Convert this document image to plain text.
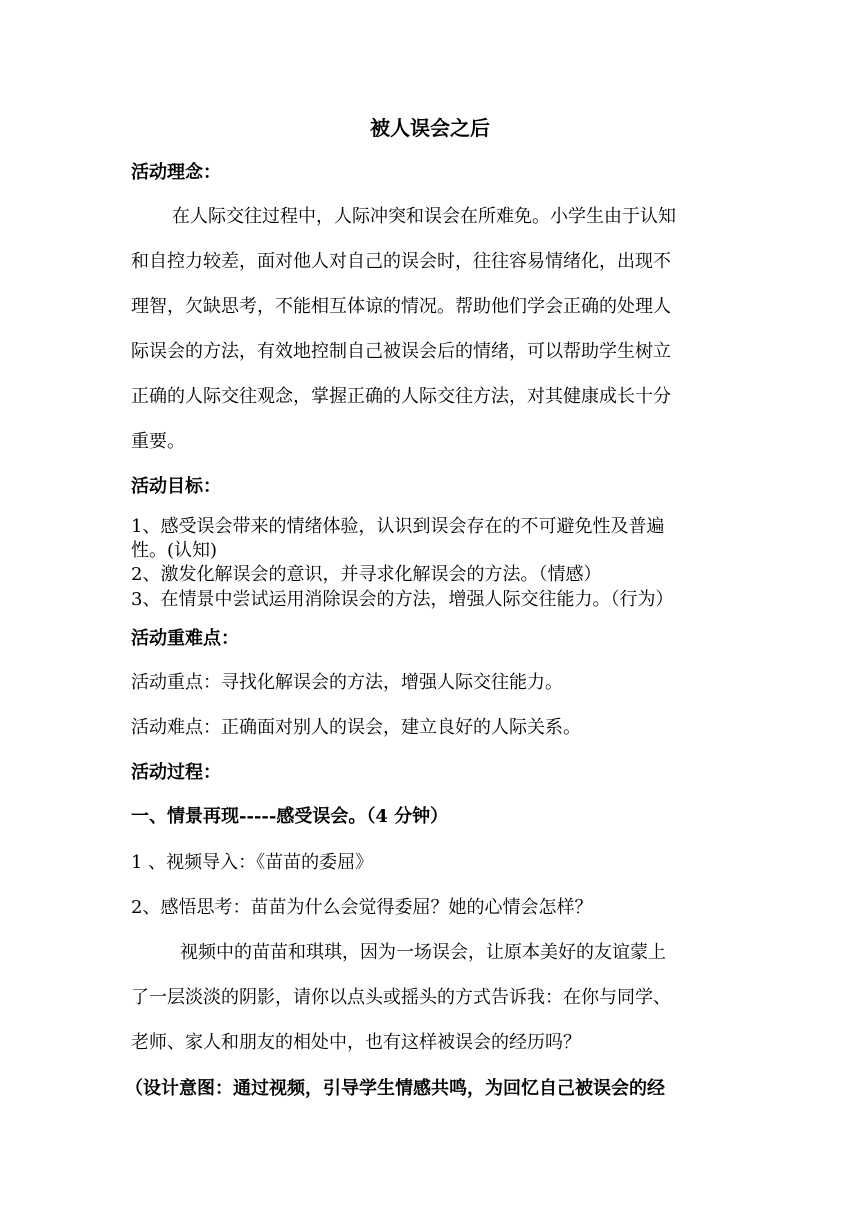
被人误会之后
活动理念：
在人际交往过程中，人际冲突和误会在所难免。小学生由于认知
和自控力较差，面对他人对自己的误会时，往往容易情绪化，出现不
理智，欠缺思考，不能相互体谅的情况。帮助他们学会正确的处理人
际误会的方法，有效地控制自己被误会后的情绪，可以帮助学生树立
正确的人际交往观念，掌握正确的人际交往方法，对其健康成长十分
重要。
活动目标：
1、感受误会带来的情绪体验，认识到误会存在的不可避免性及普遍
性。(认知)
2、激发化解误会的意识，并寻求化解误会的方法。（情感）
3、在情景中尝试运用消除误会的方法，增强人际交往能力。（行为）
活动重难点：
活动重点：寻找化解误会的方法，增强人际交往能力。
活动难点：正确面对别人的误会，建立良好的人际关系。
活动过程：
一、情景再现-----感受误会。（4 分钟）
1 、视频导入：《苗苗的委屈》
2、感悟思考：苗苗为什么会觉得委屈？她的心情会怎样？
视频中的苗苗和琪琪，因为一场误会，让原本美好的友谊蒙上
了一层淡淡的阴影，请你以点头或摇头的方式告诉我：在你与同学、
老师、家人和朋友的相处中，也有这样被误会的经历吗？
（设计意图：通过视频，引导学生情感共鸣，为回忆自己被误会的经
